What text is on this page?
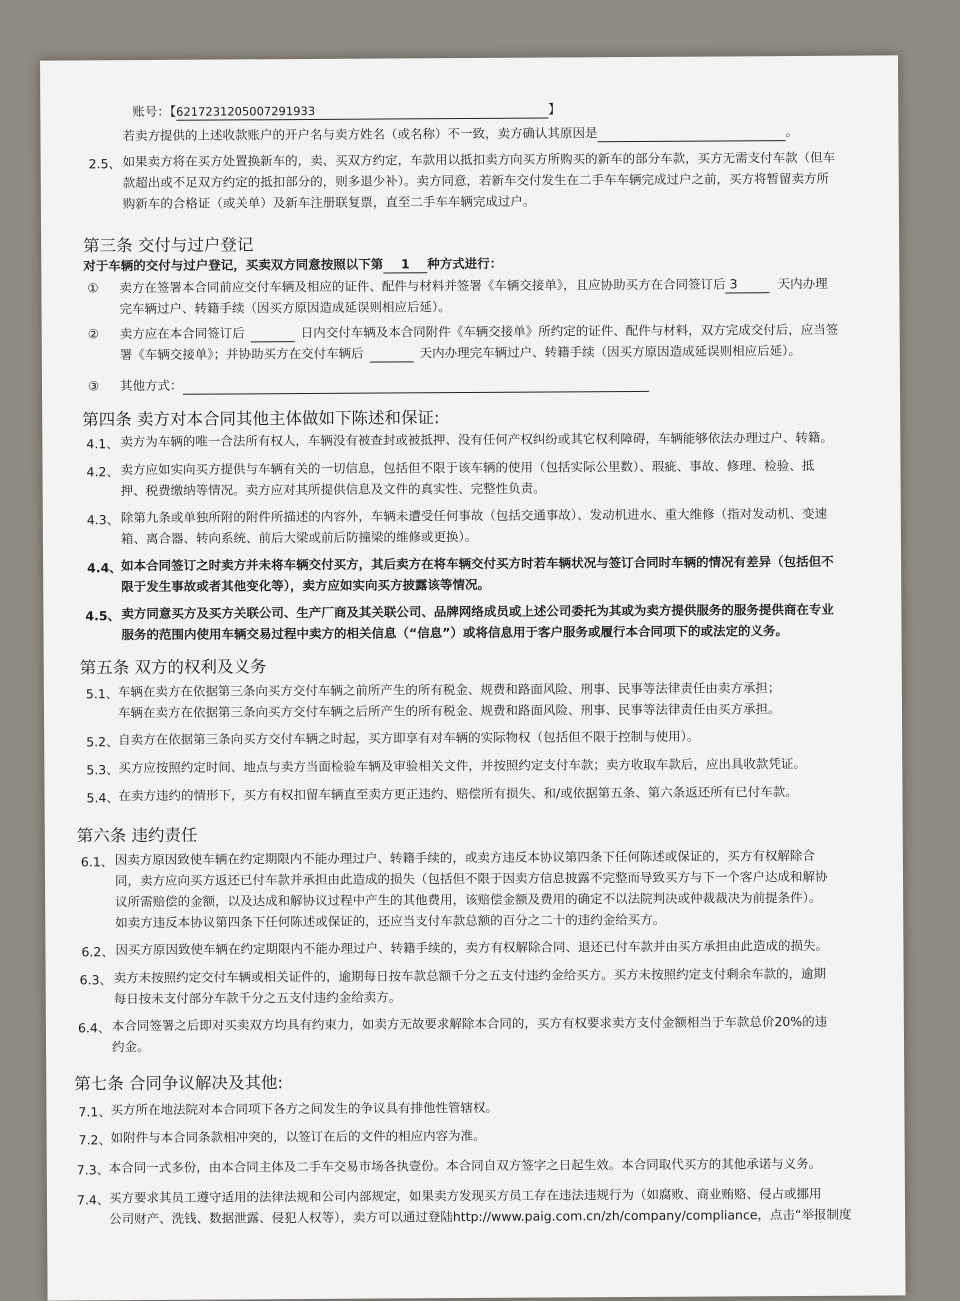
账号：【6217231205007291933	】
若卖方提供的上述收款账户的开户名与卖方姓名（或名称）不一致，卖方确认其原因是	。
2.5、 如果卖方将在买方处置换新车的，卖、买双方约定，车款用以抵扣卖方向买方所购买的新车的部分车款，买方无需支付车款（但车
款超出或不足双方约定的抵扣部分的，则多退少补）。卖方同意，若新车交付发生在二手车车辆完成过户之前，买方将暂留卖方所
购新车的合格证（或关单）及新车注册联复票，直至二手车车辆完成过户。
第三条 交付与过户登记
对于车辆的交付与过户登记，买卖双方同意按照以下第 1 种方式进行：
① 卖方在签署本合同前应交付车辆及相应的证件、配件与材料并签署《车辆交接单》，且应协助买方在合同签订后 3	天内办理
完车辆过户、转籍手续（因买方原因造成延误则相应后延）。
② 卖方应在本合同签订后	日内交付车辆及本合同附件《车辆交接单》所约定的证件、配件与材料，双方完成交付后，应当签
署《车辆交接单》；并协助买方在交付车辆后	天内办理完车辆过户、转籍手续（因买方原因造成延误则相应后延）。
③ 其他方式：
第四条 卖方对本合同其他主体做如下陈述和保证:
4.1、 卖方为车辆的唯一合法所有权人，车辆没有被查封或被抵押、没有任何产权纠纷或其它权利障碍，车辆能够依法办理过户、转籍。
4.2、 卖方应如实向买方提供与车辆有关的一切信息，包括但不限于该车辆的使用（包括实际公里数）、瑕疵、事故、修理、检验、抵
押、税费缴纳等情况。卖方应对其所提供信息及文件的真实性、完整性负责。
4.3、 除第九条或单独所附的附件所描述的内容外，车辆未遭受任何事故（包括交通事故）、发动机进水、重大维修（指对发动机、变速
箱、离合器、转向系统、前后大梁或前后防撞梁的维修或更换）。
4.4、 如本合同签订之时卖方并未将车辆交付买方，其后卖方在将车辆交付买方时若车辆状况与签订合同时车辆的情况有差异（包括但不
限于发生事故或者其他变化等），卖方应如实向买方披露该等情况。
4.5、 卖方同意买方及买方关联公司、生产厂商及其关联公司、品牌网络成员或上述公司委托为其或为卖方提供服务的服务提供商在专业
服务的范围内使用车辆交易过程中卖方的相关信息（“信息”）或将信息用于客户服务或履行本合同项下的或法定的义务。
第五条 双方的权利及义务
5.1、 车辆在卖方在依据第三条向买方交付车辆之前所产生的所有税金、规费和路面风险、刑事、民事等法律责任由卖方承担；
车辆在卖方在依据第三条向买方交付车辆之后所产生的所有税金、规费和路面风险、刑事、民事等法律责任由买方承担。
5.2、 自卖方在依据第三条向买方交付车辆之时起，买方即享有对车辆的实际物权（包括但不限于控制与使用）。
5.3、 买方应按照约定时间、地点与卖方当面检验车辆及审验相关文件，并按照约定支付车款；卖方收取车款后，应出具收款凭证。
5.4、 在卖方违约的情形下，买方有权扣留车辆直至卖方更正违约、赔偿所有损失、和/或依据第五条、第六条返还所有已付车款。
第六条 违约责任
6.1、 因卖方原因致使车辆在约定期限内不能办理过户、转籍手续的，或卖方违反本协议第四条下任何陈述或保证的，买方有权解除合
同，卖方应向买方返还已付车款并承担由此造成的损失（包括但不限于因卖方信息披露不完整而导致买方与下一个客户达成和解协
议所需赔偿的金额，以及达成和解协议过程中产生的其他费用，该赔偿金额及费用的确定不以法院判决或仲裁裁决为前提条件）。
如卖方违反本协议第四条下任何陈述或保证的，还应当支付车款总额的百分之二十的违约金给买方。
6.2、 因买方原因致使车辆在约定期限内不能办理过户、转籍手续的，卖方有权解除合同、退还已付车款并由买方承担由此造成的损失。
6.3、 卖方未按照约定交付车辆或相关证件的，逾期每日按车款总额千分之五支付违约金给买方。买方未按照约定支付剩余车款的，逾期
每日按未支付部分车款千分之五支付违约金给卖方。
6.4、 本合同签署之后即对买卖双方均具有约束力，如卖方无故要求解除本合同的，买方有权要求卖方支付金额相当于车款总价20%的违
约金。
第七条 合同争议解决及其他:
7.1、 买方所在地法院对本合同项下各方之间发生的争议具有排他性管辖权。
7.2、 如附件与本合同条款相冲突的，以签订在后的文件的相应内容为准。
7.3、 本合同一式多份，由本合同主体及二手车交易市场各执壹份。本合同自双方签字之日起生效。本合同取代买方的其他承诺与义务。
7.4、 买方要求其员工遵守适用的法律法规和公司内部规定，如果卖方发现买方员工存在违法违规行为（如腐败、商业贿赂、侵占或挪用
公司财产、洗钱、数据泄露、侵犯人权等），卖方可以通过登陆http://www.paig.com.cn/zh/company/compliance，点击“举报制度
